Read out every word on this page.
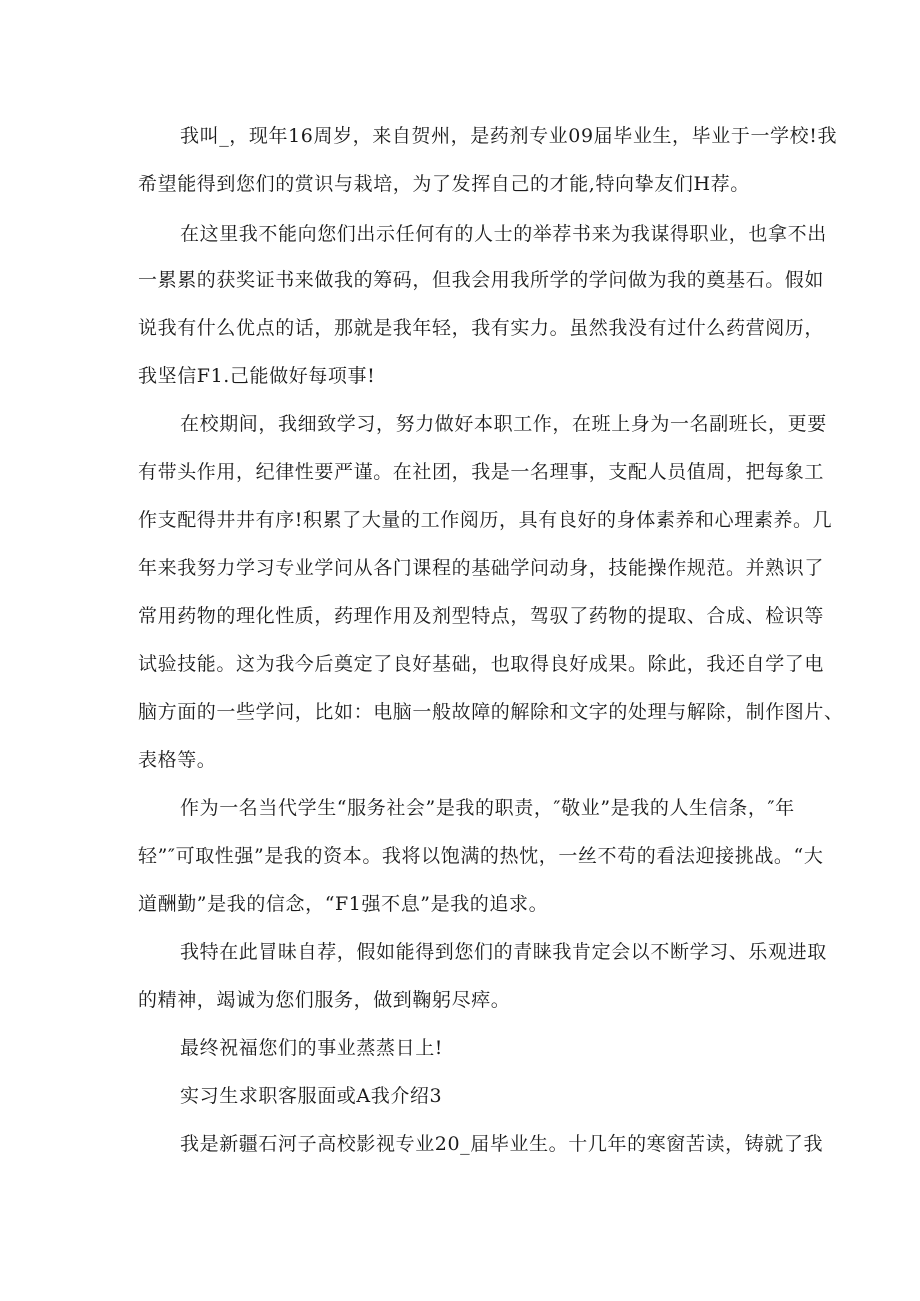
我叫_，现年16周岁，来自贺州，是药剂专业09届毕业生，毕业于一学校!我
希望能得到您们的赏识与栽培，为了发挥自己的才能,特向挚友们H荐。
在这里我不能向您们出示任何有的人士的举荐书来为我谋得职业，也拿不出
一累累的获奖证书来做我的筹码，但我会用我所学的学问做为我的奠基石。假如
说我有什么优点的话，那就是我年轻，我有实力。虽然我没有过什么药营阅历，
我坚信F1.己能做好每项事!
在校期间，我细致学习，努力做好本职工作，在班上身为一名副班长，更要
有带头作用，纪律性要严谨。在社团，我是一名理事，支配人员值周，把每象工
作支配得井井有序!积累了大量的工作阅历，具有良好的身体素养和心理素养。几
年来我努力学习专业学问从各门课程的基础学问动身，技能操作规范。并熟识了
常用药物的理化性质，药理作用及剂型特点，驾驭了药物的提取、合成、检识等
试验技能。这为我今后奠定了良好基础，也取得良好成果。除此，我还自学了电
脑方面的一些学问，比如：电脑一般故障的解除和文字的处理与解除，制作图片、
表格等。
作为一名当代学生“服务社会”是我的职责，″敬业”是我的人生信条，″年
轻”″可取性强”是我的资本。我将以饱满的热忱，一丝不苟的看法迎接挑战。“大
道酬勤”是我的信念，“F1强不息”是我的追求。
我特在此冒昧自荐，假如能得到您们的青睐我肯定会以不断学习、乐观进取
的精神，竭诚为您们服务，做到鞠躬尽瘁。
最终祝福您们的事业蒸蒸日上!
实习生求职客服面或A我介绍3
我是新疆石河子高校影视专业20_届毕业生。十几年的寒窗苦读，铸就了我
